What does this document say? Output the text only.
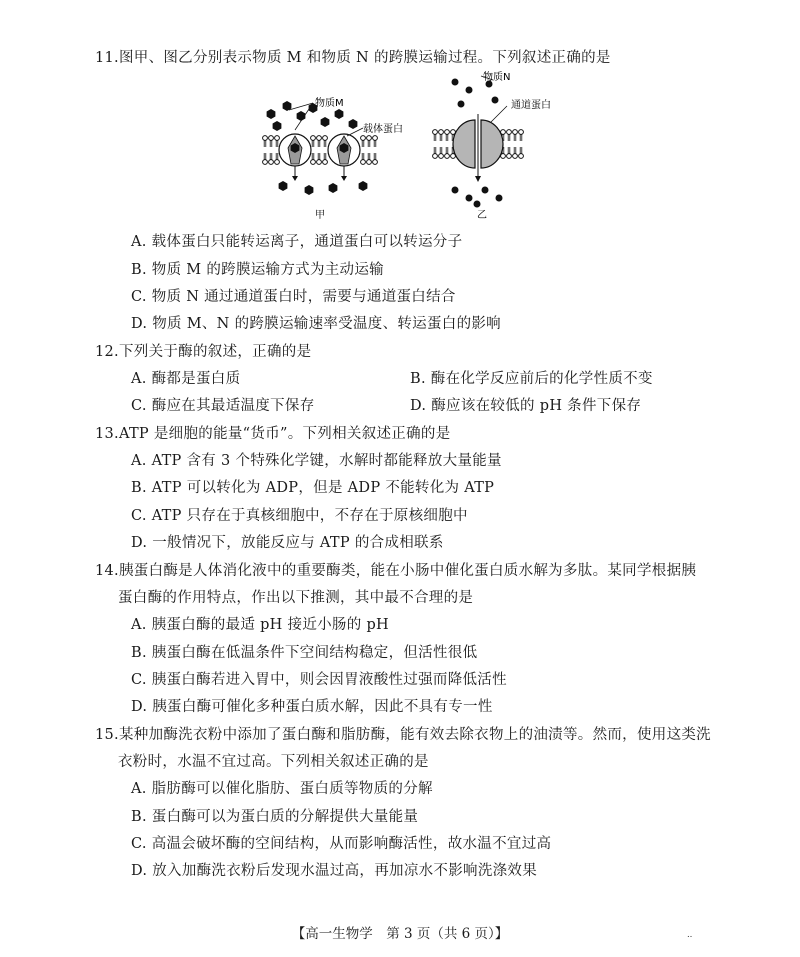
11.图甲、图乙分别表示物质 M 和物质 N 的跨膜运输过程。下列叙述正确的是
物质M
载体蛋白
甲
物质N
通道蛋白
乙
A. 载体蛋白只能转运离子，通道蛋白可以转运分子
B. 物质 M 的跨膜运输方式为主动运输
C. 物质 N 通过通道蛋白时，需要与通道蛋白结合
D. 物质 M、N 的跨膜运输速率受温度、转运蛋白的影响
12.下列关于酶的叙述，正确的是
A. 酶都是蛋白质	B. 酶在化学反应前后的化学性质不变
C. 酶应在其最适温度下保存	D. 酶应该在较低的 pH 条件下保存
13.ATP 是细胞的能量“货币”。下列相关叙述正确的是
A. ATP 含有 3 个特殊化学键，水解时都能释放大量能量
B. ATP 可以转化为 ADP，但是 ADP 不能转化为 ATP
C. ATP 只存在于真核细胞中，不存在于原核细胞中
D. 一般情况下，放能反应与 ATP 的合成相联系
14.胰蛋白酶是人体消化液中的重要酶类，能在小肠中催化蛋白质水解为多肽。某同学根据胰
蛋白酶的作用特点，作出以下推测，其中最不合理的是
A. 胰蛋白酶的最适 pH 接近小肠的 pH
B. 胰蛋白酶在低温条件下空间结构稳定，但活性很低
C. 胰蛋白酶若进入胃中，则会因胃液酸性过强而降低活性
D. 胰蛋白酶可催化多种蛋白质水解，因此不具有专一性
15.某种加酶洗衣粉中添加了蛋白酶和脂肪酶，能有效去除衣物上的油渍等。然而，使用这类洗
衣粉时，水温不宜过高。下列相关叙述正确的是
A. 脂肪酶可以催化脂肪、蛋白质等物质的分解
B. 蛋白酶可以为蛋白质的分解提供大量能量
C. 高温会破坏酶的空间结构，从而影响酶活性，故水温不宜过高
D. 放入加酶洗衣粉后发现水温过高，再加凉水不影响洗涤效果
【高一生物学　第 3 页（共 6 页）】	‥
